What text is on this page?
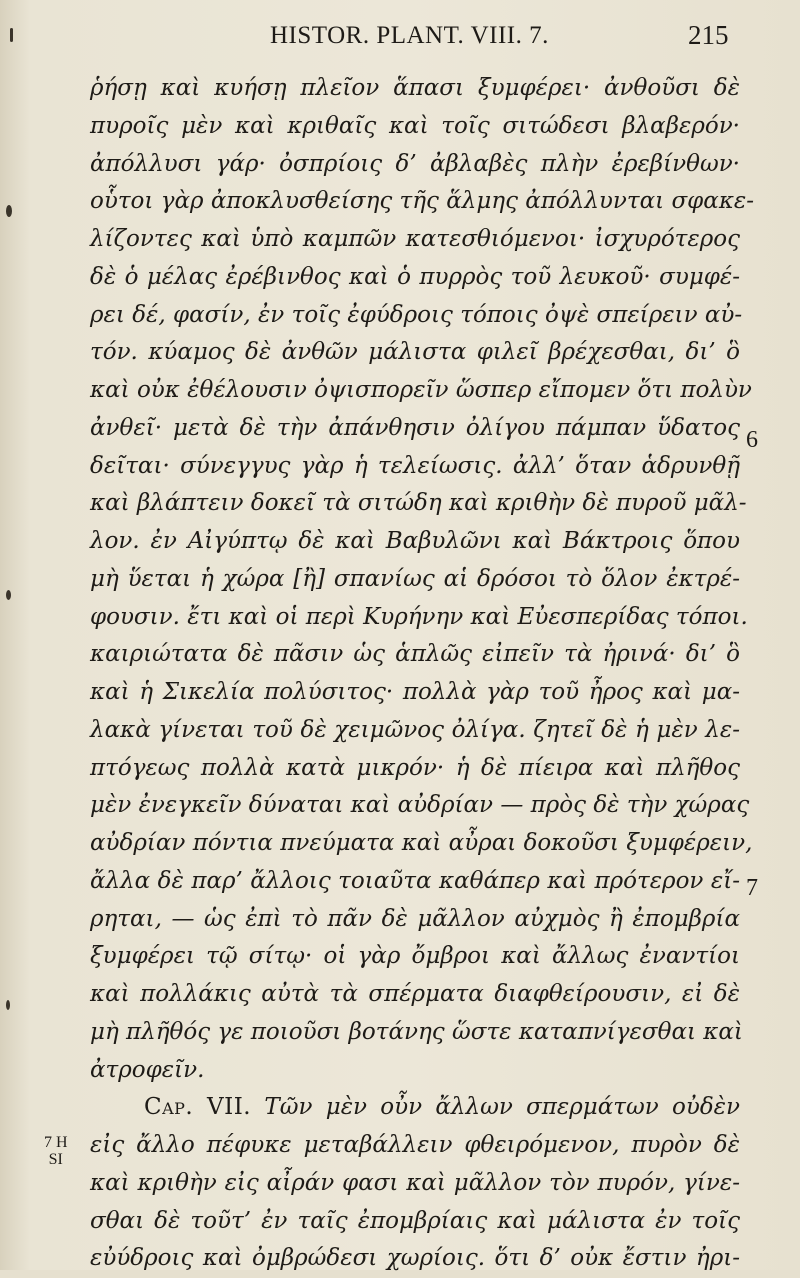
HISTOR. PLANT. VIII. 7.	215
ῥήσῃ καὶ κυήσῃ πλεῖον ἅπασι ξυμφέρει· ἀνθοῦσι δὲ
πυροῖς μὲν καὶ κριθαῖς καὶ τοῖς σιτώδεσι βλαβερόν·
ἀπόλλυσι γάρ· ὀσπρίοις δ’ ἀβλαβὲς πλὴν ἐρεβίνθων·
οὗτοι γὰρ ἀποκλυσθείσης τῆς ἅλμης ἀπόλλυνται σφακε-
λίζοντες καὶ ὑπὸ καμπῶν κατεσθιόμενοι· ἰσχυρότερος
δὲ ὁ μέλας ἐρέβινθος καὶ ὁ πυρρὸς τοῦ λευκοῦ· συμφέ-
ρει δέ, φασίν, ἐν τοῖς ἐφύδροις τόποις ὀψὲ σπείρειν αὐ-
τόν. κύαμος δὲ ἀνθῶν μάλιστα φιλεῖ βρέχεσθαι, δι’ ὃ
καὶ οὐκ ἐθέλουσιν ὀψισπορεῖν ὥσπερ εἴπομεν ὅτι πολὺν
ἀνθεῖ· μετὰ δὲ τὴν ἀπάνθησιν ὀλίγου πάμπαν ὕδατος
δεῖται· σύνεγγυς γὰρ ἡ τελείωσις. ἀλλ’ ὅταν ἁδρυνθῇ
καὶ βλάπτειν δοκεῖ τὰ σιτώδη καὶ κριθὴν δὲ πυροῦ μᾶλ-
λον. ἐν Αἰγύπτῳ δὲ καὶ Βαβυλῶνι καὶ Βάκτροις ὅπου
μὴ ὕεται ἡ χώρα [ἢ] σπανίως αἱ δρόσοι τὸ ὅλον ἐκτρέ-
φουσιν. ἔτι καὶ οἱ περὶ Κυρήνην καὶ Εὐεσπερίδας τόποι.
καιριώτατα δὲ πᾶσιν ὡς ἁπλῶς εἰπεῖν τὰ ἠρινά· δι’ ὃ
καὶ ἡ Σικελία πολύσιτος· πολλὰ γὰρ τοῦ ἦρος καὶ μα-
λακὰ γίνεται τοῦ δὲ χειμῶνος ὀλίγα. ζητεῖ δὲ ἡ μὲν λε-
πτόγεως πολλὰ κατὰ μικρόν· ἡ δὲ πίειρα καὶ πλῆθος
μὲν ἐνεγκεῖν δύναται καὶ αὐδρίαν — πρὸς δὲ τὴν χώρας
αὐδρίαν πόντια πνεύματα καὶ αὖραι δοκοῦσι ξυμφέρειν,
ἄλλα δὲ παρ’ ἄλλοις τοιαῦτα καθάπερ καὶ πρότερον εἴ-
ρηται, — ὡς ἐπὶ τὸ πᾶν δὲ μᾶλλον αὐχμὸς ἢ ἐπομβρία
ξυμφέρει τῷ σίτῳ· οἱ γὰρ ὄμβροι καὶ ἄλλως ἐναντίοι
καὶ πολλάκις αὐτὰ τὰ σπέρματα διαφθείρουσιν, εἰ δὲ
μὴ πλῆθός γε ποιοῦσι βοτάνης ὥστε καταπνίγεσθαι καὶ
ἀτροφεῖν.
Cap. VII. Τῶν μὲν οὖν ἄλλων σπερμάτων οὐδὲν
εἰς ἄλλο πέφυκε μεταβάλλειν φθειρόμενον, πυρὸν δὲ
καὶ κριθὴν εἰς αἶράν φασι καὶ μᾶλλον τὸν πυρόν, γίνε-
σθαι δὲ τοῦτ’ ἐν ταῖς ἐπομβρίαις καὶ μάλιστα ἐν τοῖς
εὐύδροις καὶ ὀμβρώδεσι χωρίοις. ὅτι δ’ οὐκ ἔστιν ἠρι-
6
7
7 H
SI
